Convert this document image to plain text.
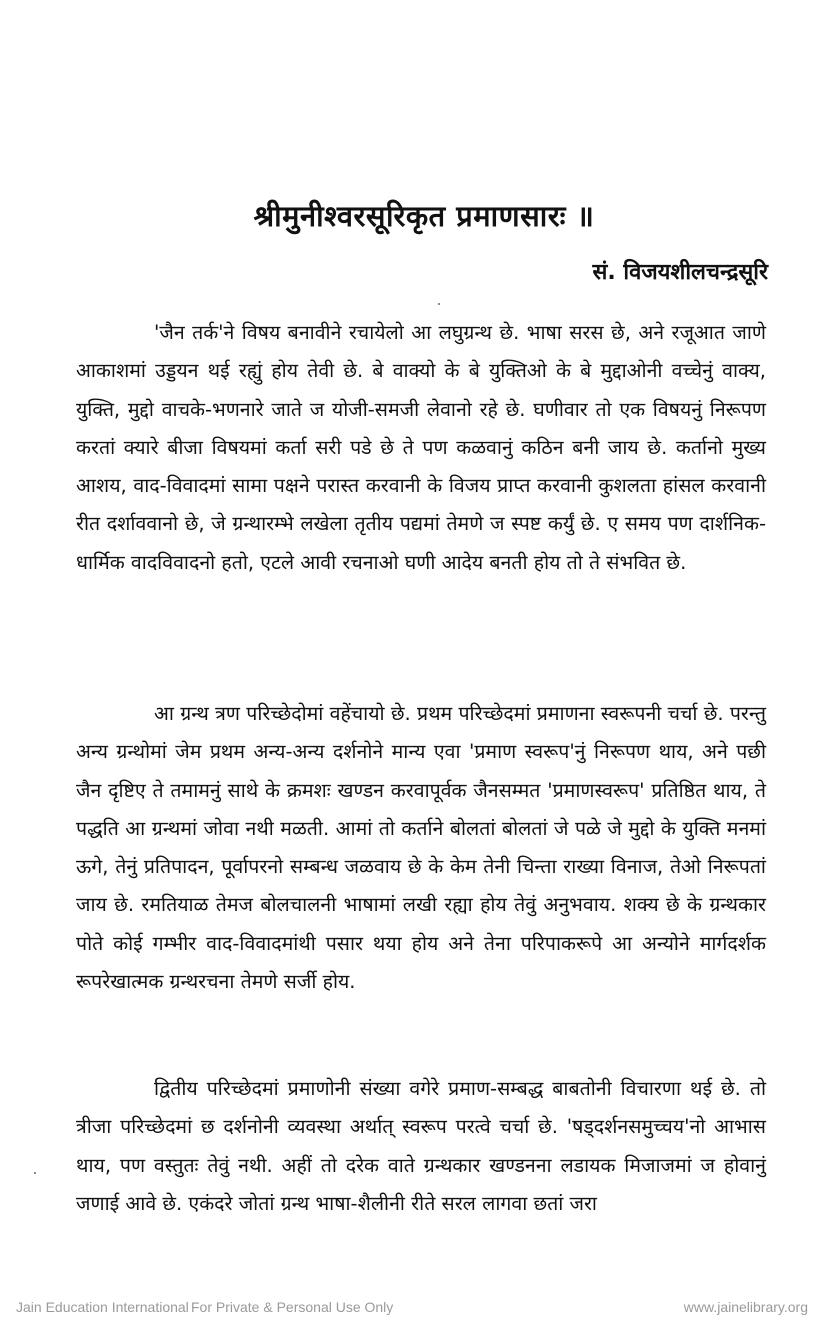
श्रीमुनीश्वरसूरिकृत प्रमाणसारः ॥
सं. विजयशीलचन्द्रसूरि

'जैन तर्क'ने विषय बनावीने रचायेलो आ लघुग्रन्थ छे. भाषा सरस छे, अने रजूआत जाणे आकाशमां उड्डयन थई रह्युं होय तेवी छे. बे वाक्यो के बे युक्तिओ के बे मुद्दाओनी वच्चेनुं वाक्य, युक्ति, मुद्दो वाचके-भणनारे जाते ज योजी-समजी लेवानो रहे छे. घणीवार तो एक विषयनुं निरूपण करतां क्यारे बीजा विषयमां कर्ता सरी पडे छे ते पण कळवानुं कठिन बनी जाय छे. कर्तानो मुख्य आशय, वाद-विवादमां सामा पक्षने परास्त करवानी के विजय प्राप्त करवानी कुशलता हांसल करवानी रीत दर्शाववानो छे, जे ग्रन्थारम्भे लखेला तृतीय पद्यमां तेमणे ज स्पष्ट कर्युं छे. ए समय पण दार्शनिक-धार्मिक वादविवादनो हतो, एटले आवी रचनाओ घणी आदेय बनती होय तो ते संभवित छे.

आ ग्रन्थ त्रण परिच्छेदोमां वहेंचायो छे. प्रथम परिच्छेदमां प्रमाणना स्वरूपनी चर्चा छे. परन्तु अन्य ग्रन्थोमां जेम प्रथम अन्य-अन्य दर्शनोने मान्य एवा 'प्रमाण स्वरूप'नुं निरूपण थाय, अने पछी जैन दृष्टिए ते तमामनुं साथे के क्रमशः खण्डन करवापूर्वक जैनसम्मत 'प्रमाणस्वरूप' प्रतिष्ठित थाय, ते पद्धति आ ग्रन्थमां जोवा नथी मळती. आमां तो कर्ताने बोलतां बोलतां जे पळे जे मुद्दो के युक्ति मनमां ऊगे, तेनुं प्रतिपादन, पूर्वापरनो सम्बन्ध जळवाय छे के केम तेनी चिन्ता राख्या विनाज, तेओ निरूपतां जाय छे. रमतियाळ तेमज बोलचालनी भाषामां लखी रह्या होय तेवुं अनुभवाय. शक्य छे के ग्रन्थकार पोते कोई गम्भीर वाद-विवादमांथी पसार थया होय अने तेना परिपाकरूपे आ अन्योने मार्गदर्शक रूपरेखात्मक ग्रन्थरचना तेमणे सर्जी होय.

द्वितीय परिच्छेदमां प्रमाणोनी संख्या वगेरे प्रमाण-सम्बद्ध बाबतोनी विचारणा थई छे. तो त्रीजा परिच्छेदमां छ दर्शनोनी व्यवस्था अर्थात् स्वरूप परत्वे चर्चा छे. 'षड्दर्शनसमुच्चय'नो आभास थाय, पण वस्तुतः तेवुं नथी. अहीं तो दरेक वाते ग्रन्थकार खण्डनना लडायक मिजाजमां ज होवानुं जणाई आवे छे. एकंदरे जोतां ग्रन्थ भाषा-शैलीनी रीते सरल लागवा छतां जरा

Jain Education International For Private & Personal Use Only	www.jainelibrary.org
